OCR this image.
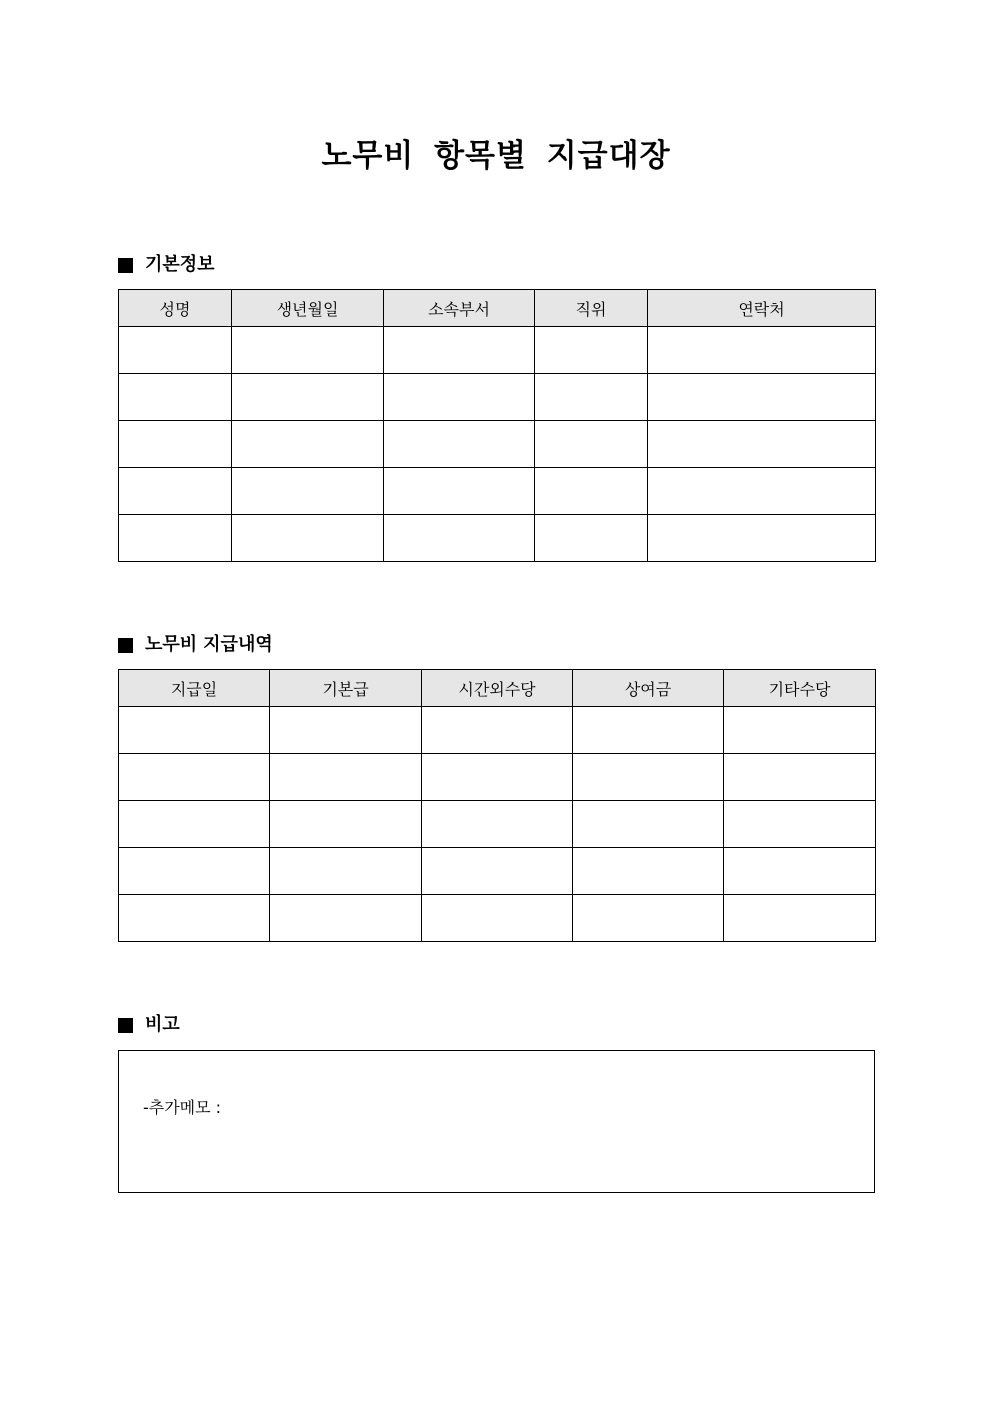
노무비 항목별 지급대장
기본정보
성명	생년월일	소속부서	직위	연락처

노무비 지급내역
지급일	기본급	시간외수당	상여금	기타수당

비고
-추가메모 :
